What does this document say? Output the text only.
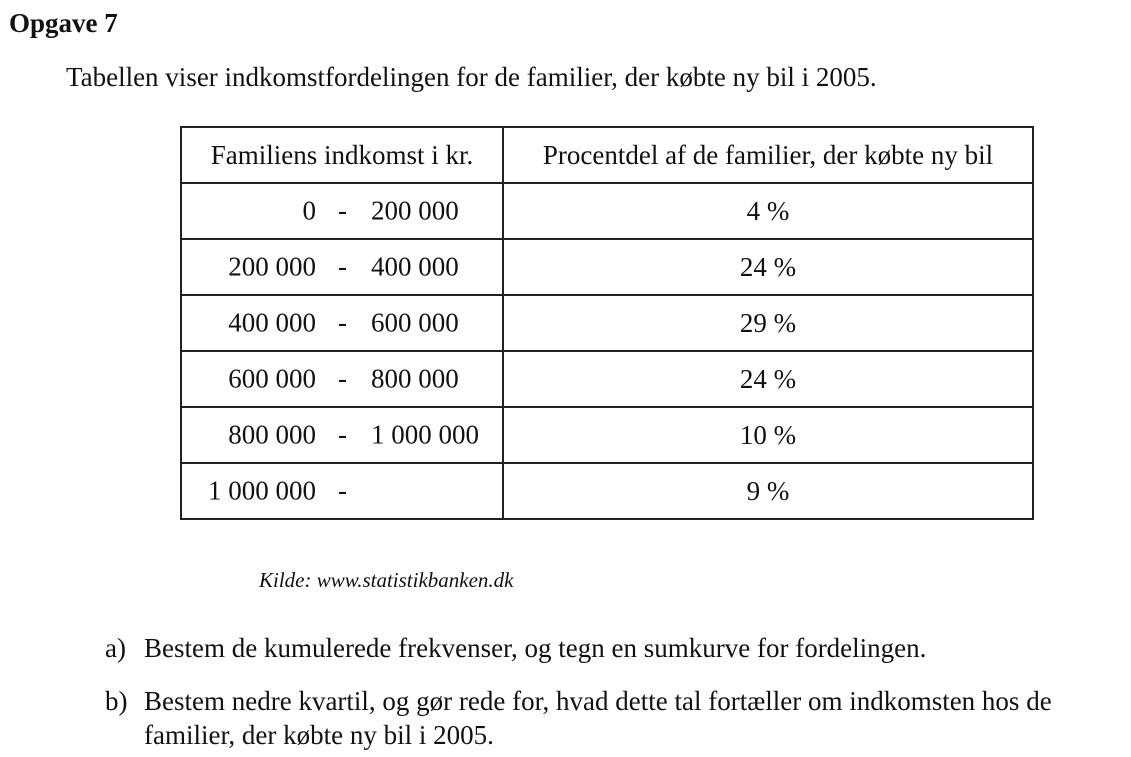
Opgave 7
Tabellen viser indkomstfordelingen for de familier, der købte ny bil i 2005.
Familiens indkomst i kr.	Procentdel af de familier, der købte ny bil

0 - 200 000	4 %

200 000 - 400 000	24 %

400 000 - 600 000	29 %

600 000 - 800 000	24 %

800 000 - 1 000 000	10 %

1 000 000 -	9 %
Kilde: www.statistikbanken.dk
a) Bestem de kumulerede frekvenser, og tegn en sumkurve for fordelingen.
b) Bestem nedre kvartil, og gør rede for, hvad dette tal fortæller om indkomsten hos de familier, der købte ny bil i 2005.
